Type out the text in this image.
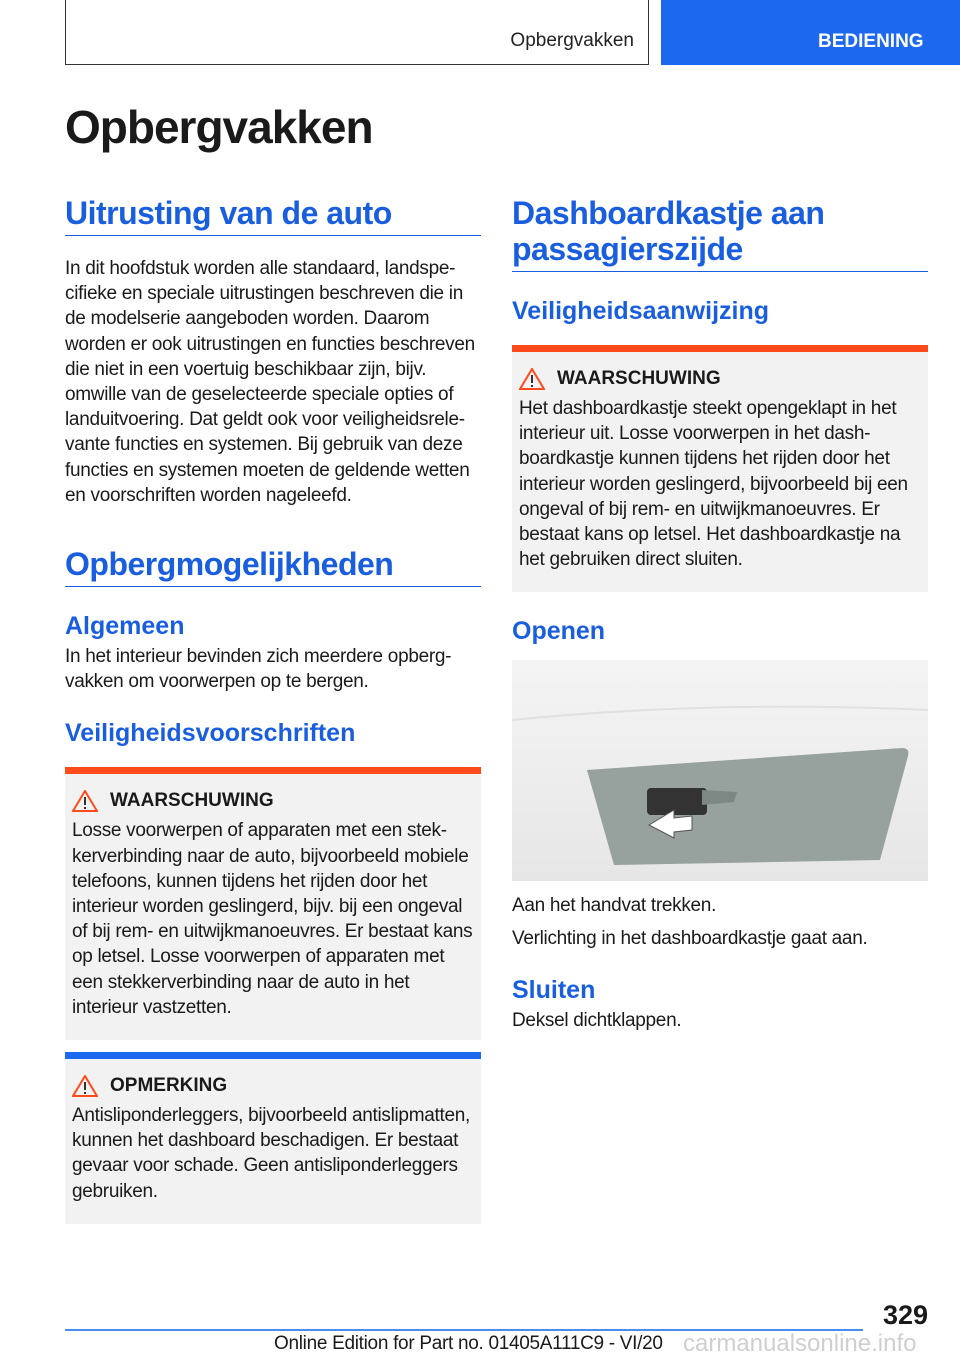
Opbergvakken	BEDIENING
Opbergvakken
Uitrusting van de auto

In dit hoofdstuk worden alle standaard, landspecifieke en speciale uitrustingen beschreven die in de modelserie aangeboden worden. Daarom worden er ook uitrustingen en functies beschreven die niet in een voertuig beschikbaar zijn, bijv. omwille van de geselecteerde speciale opties of landuitvoering. Dat geldt ook voor veiligheidsrelevante functies en systemen. Bij gebruik van deze functies en systemen moeten de geldende wetten en voorschriften worden nageleefd.

Opbergmogelijkheden
Algemeen

In het interieur bevinden zich meerdere opbergvakken om voorwerpen op te bergen.

Veiligheidsvoorschriften
WAARSCHUWING

Losse voorwerpen of apparaten met een stekkerverbinding naar de auto, bijvoorbeeld mobiele telefoons, kunnen tijdens het rijden door het interieur worden geslingerd, bijv. bij een ongeval of bij rem- en uitwijkmanoeuvres. Er bestaat kans op letsel. Losse voorwerpen of apparaten met een stekkerverbinding naar de auto in het interieur vastzetten.

OPMERKING

Antisliponderleggers, bijvoorbeeld antislipmatten, kunnen het dashboard beschadigen. Er bestaat gevaar voor schade. Geen antisliponderleggers gebruiken.

Dashboardkastje aan passagierszijde
Veiligheidsaanwijzing
WAARSCHUWING

Het dashboardkastje steekt opengeklapt in het interieur uit. Losse voorwerpen in het dashboardkastje kunnen tijdens het rijden door het interieur worden geslingerd, bijvoorbeeld bij een ongeval of bij rem- en uitwijkmanoeuvres. Er bestaat kans op letsel. Het dashboardkastje na het gebruiken direct sluiten.

Openen

Aan het handvat trekken.

Verlichting in het dashboardkastje gaat aan.

Sluiten

Deksel dichtklappen.

329
Online Edition for Part no. 01405A111C9 - VI/20 carmanualsonline.info
